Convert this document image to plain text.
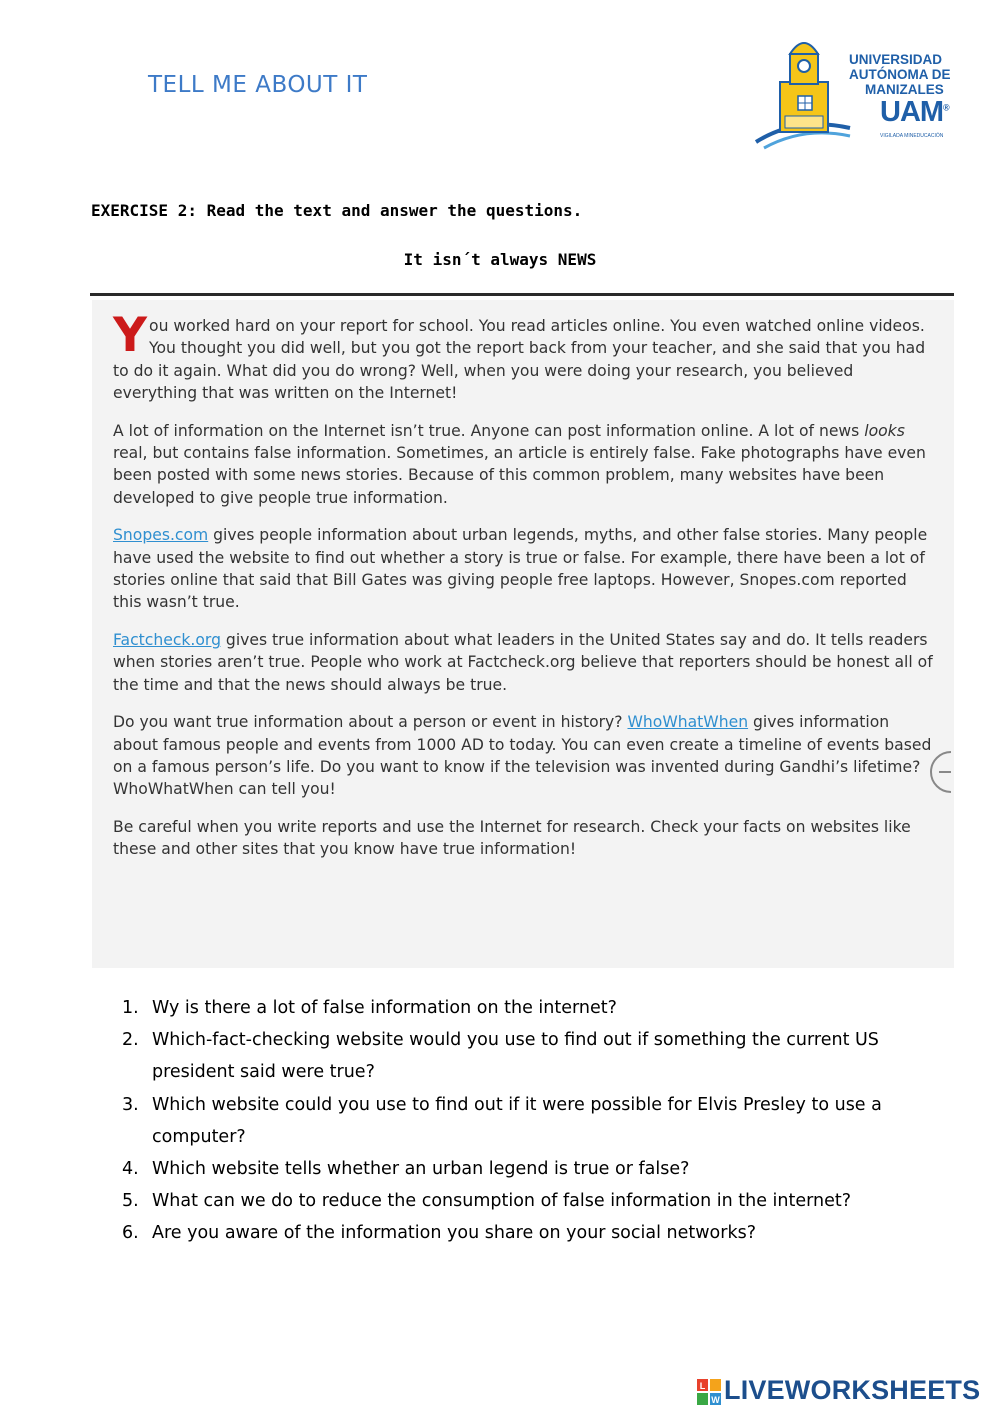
TELL ME ABOUT IT
UNIVERSIDAD
AUTÓNOMA DE
MANIZALES
UAM®
VIGILADA MINEDUCACIÓN
EXERCISE 2: Read the text and answer the questions.
It isn´t always NEWS

You worked hard on your report for school. You read articles online. You even watched online videos. You thought you did well, but you got the report back from your teacher, and she said that you had to do it again. What did you do wrong? Well, when you were doing your research, you believed everything that was written on the Internet!

A lot of information on the Internet isn’t true. Anyone can post information online. A lot of news looks real, but contains false information. Sometimes, an article is entirely false. Fake photographs have even been posted with some news stories. Because of this common problem, many websites have been developed to give people true information.

Snopes.com gives people information about urban legends, myths, and other false stories. Many people have used the website to find out whether a story is true or false. For example, there have been a lot of stories online that said that Bill Gates was giving people free laptops. However, Snopes.com reported this wasn’t true.

Factcheck.org gives true information about what leaders in the United States say and do. It tells readers when stories aren’t true. People who work at Factcheck.org believe that reporters should be honest all of the time and that the news should always be true.

Do you want true information about a person or event in history? WhoWhatWhen gives information about famous people and events from 1000 AD to today. You can even create a timeline of events based on a famous person’s life. Do you want to know if the television was invented during Gandhi’s lifetime? WhoWhatWhen can tell you!

Be careful when you write reports and use the Internet for research. Check your facts on websites like these and other sites that you know have true information!

1. Wy is there a lot of false information on the internet?
2. Which-fact-checking website would you use to find out if something the current US president said were true?
3. Which website could you use to find out if it were possible for Elvis Presley to use a computer?
4. Which website tells whether an urban legend is true or false?
5. What can we do to reduce the consumption of false information in the internet?
6. Are you aware of the information you share on your social networks?
L
W LIVEWORKSHEETS
